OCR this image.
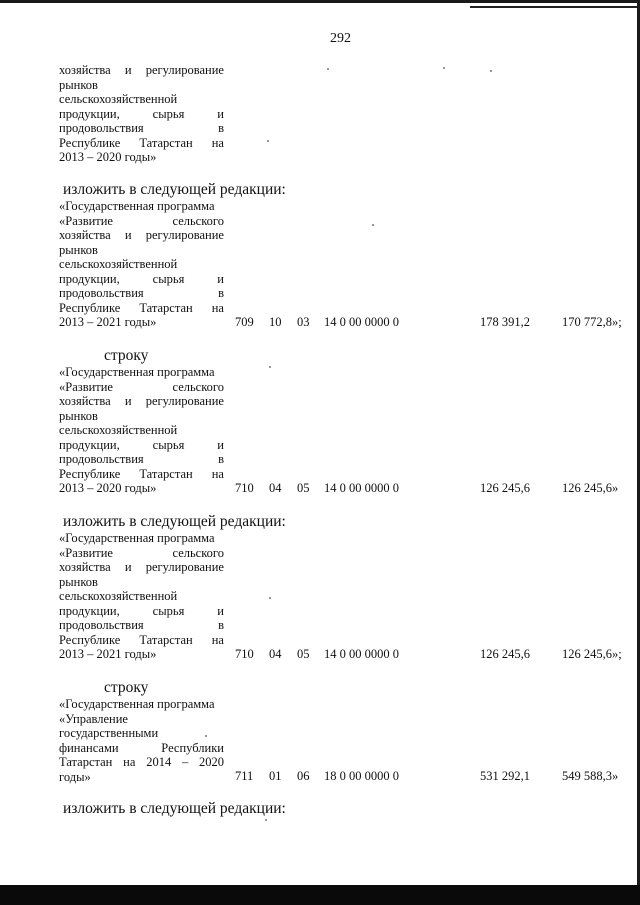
292
хозяйства и регулирование
рынков
сельскохозяйственной
продукции,	сырья	и
продовольствия	в
Республике Татарстан на
2013 – 2020 годы»
изложить в следующей редакции:
«Государственная программа
«Развитие	сельского
хозяйства и регулирование
рынков
сельскохозяйственной
продукции,	сырья	и
продовольствия	в
Республике Татарстан на
2013 – 2021 годы»	709 10 03 14 0 00 0000 0	178 391,2	170 772,8»;
строку
«Государственная программа
«Развитие	сельского
хозяйства и регулирование
рынков
сельскохозяйственной
продукции,	сырья	и
продовольствия	в
Республике Татарстан на
2013 – 2020 годы»	710 04 05 14 0 00 0000 0	126 245,6	126 245,6»
изложить в следующей редакции:
«Государственная программа
«Развитие	сельского
хозяйства и регулирование
рынков
сельскохозяйственной
продукции,	сырья	и
продовольствия	в
Республике Татарстан на
2013 – 2021 годы»	710 04 05 14 0 00 0000 0	126 245,6	126 245,6»;
строку
«Государственная программа
«Управление
государственными
финансами	Республики
Татарстан на 2014 – 2020
годы»	711 01 06 18 0 00 0000 0	531 292,1	549 588,3»
изложить в следующей редакции:
